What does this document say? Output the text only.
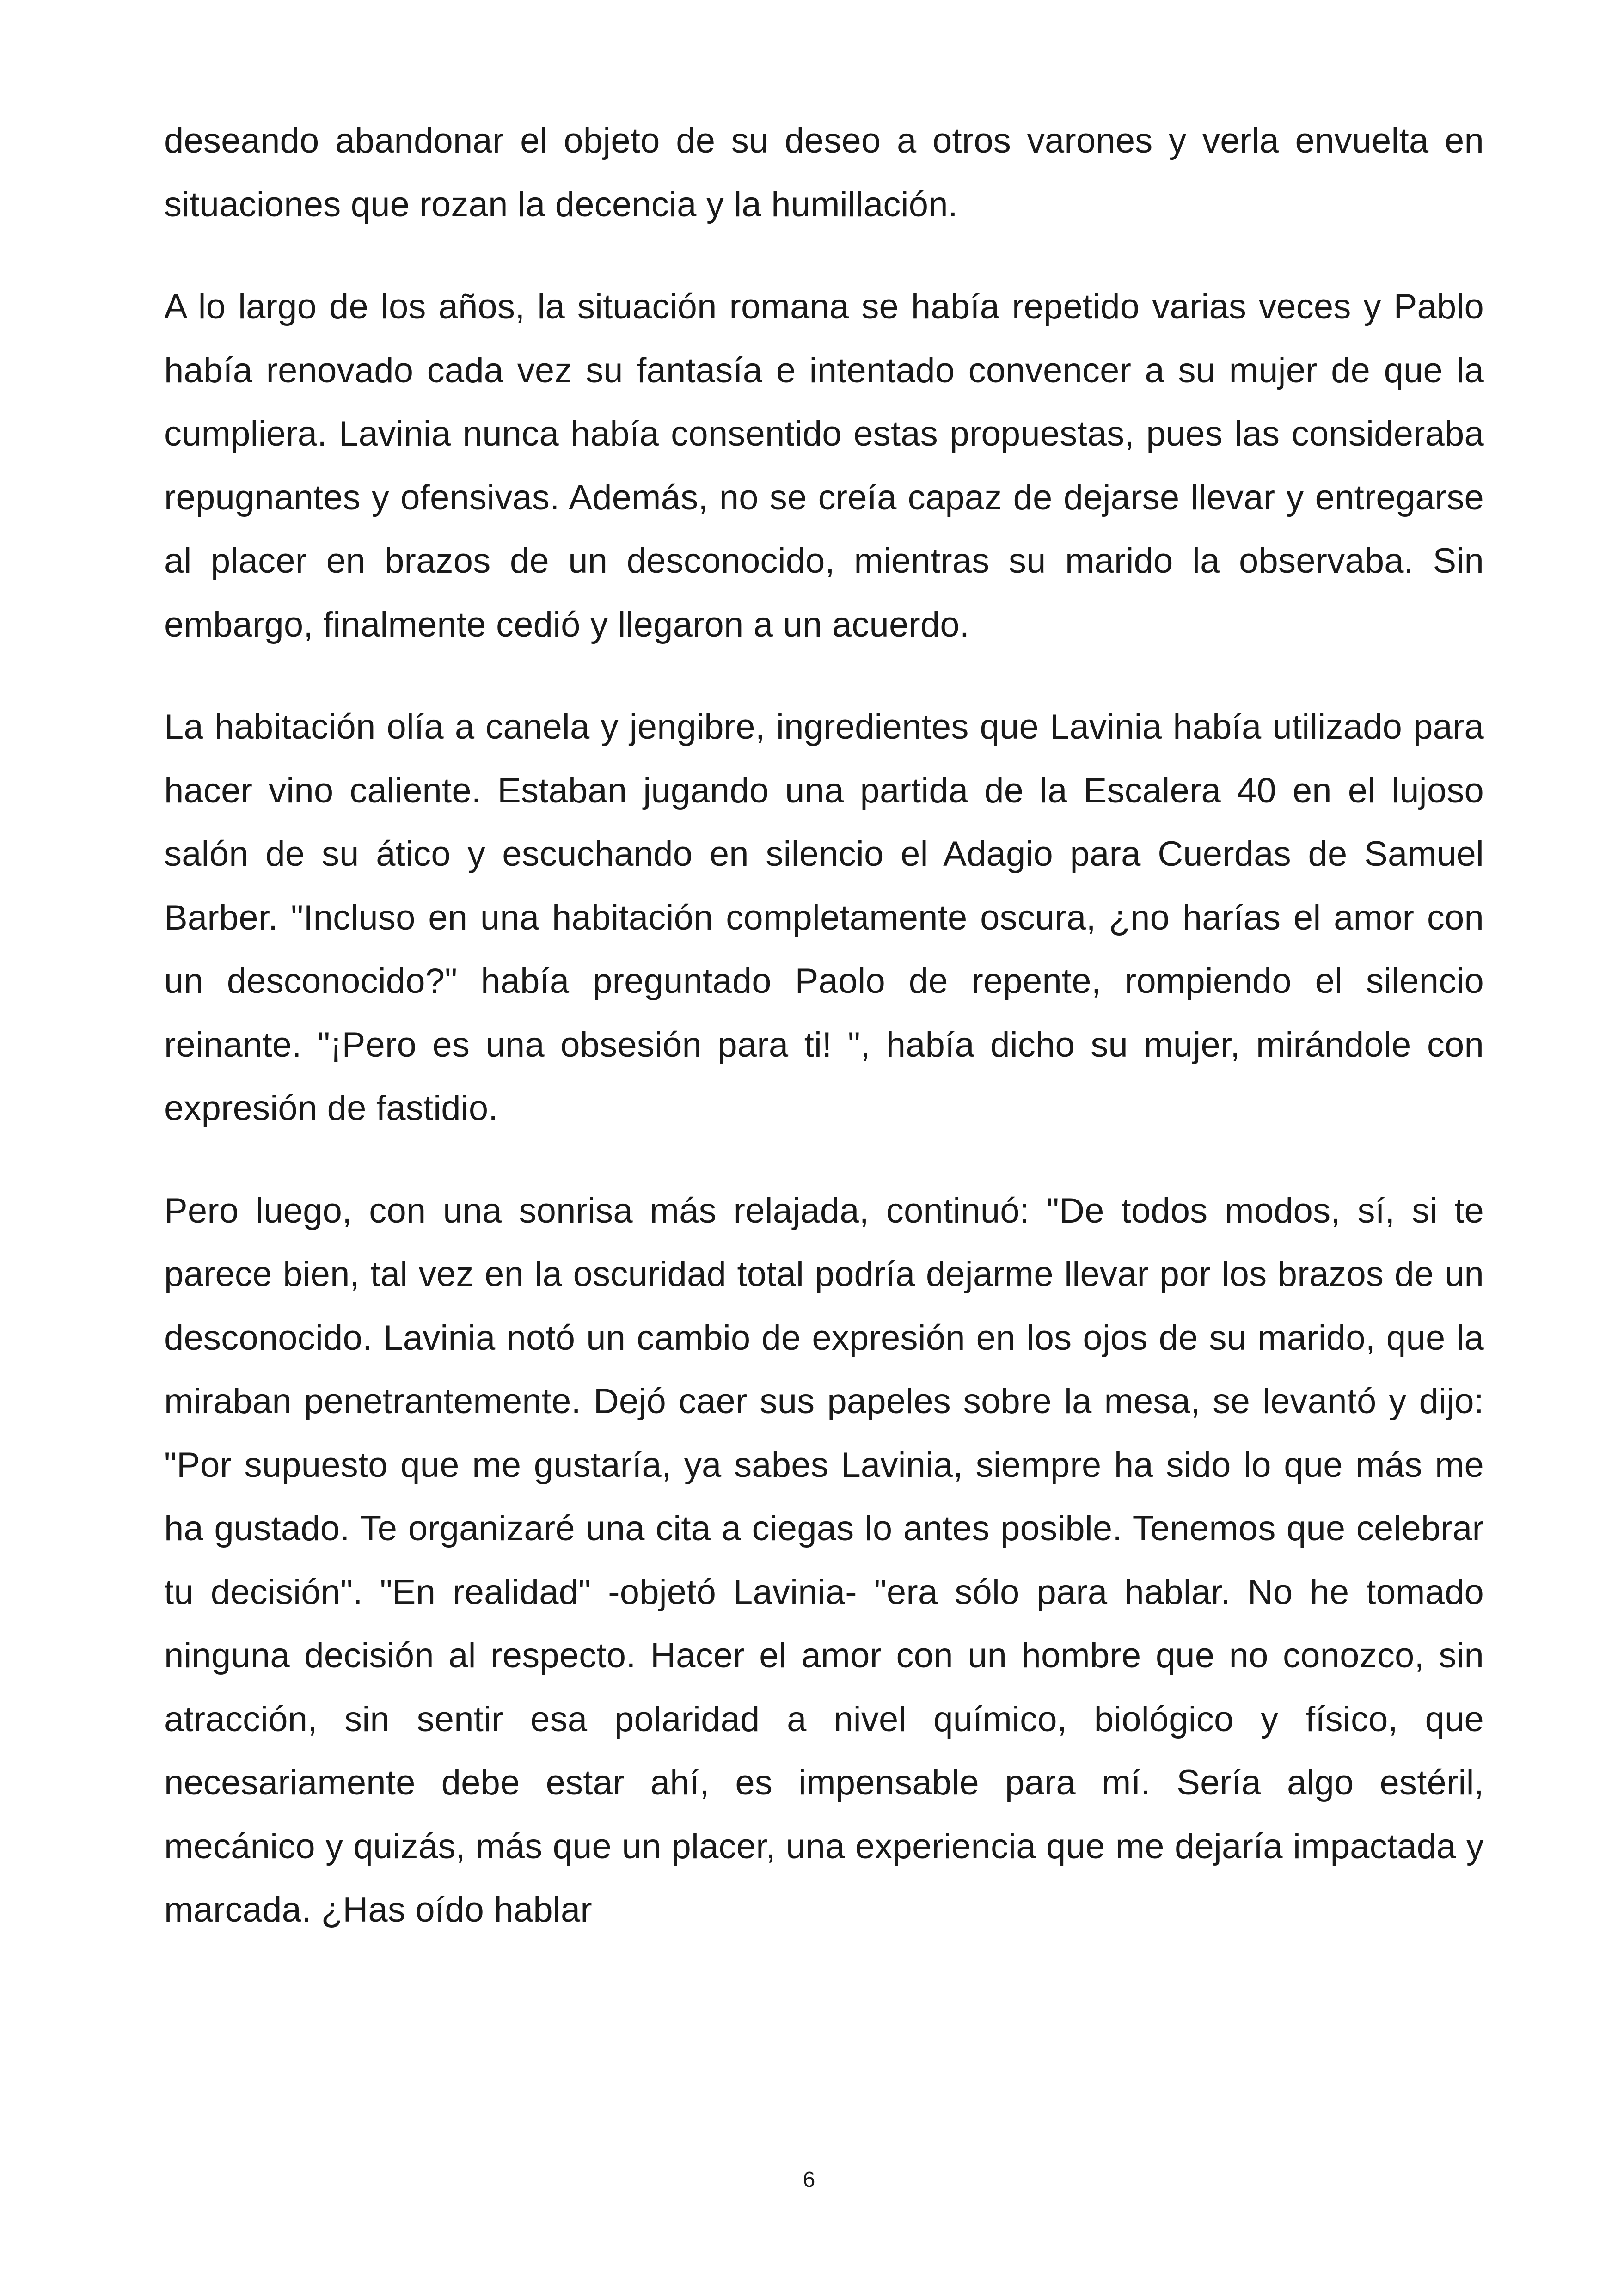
deseando abandonar el objeto de su deseo a otros varones y verla envuelta en situaciones que rozan la decencia y la humillación.

A lo largo de los años, la situación romana se había repetido varias veces y Pablo había renovado cada vez su fantasía e intentado convencer a su mujer de que la cumpliera. Lavinia nunca había consentido estas propuestas, pues las consideraba repugnantes y ofensivas. Además, no se creía capaz de dejarse llevar y entregarse al placer en brazos de un desconocido, mientras su marido la observaba. Sin embargo, finalmente cedió y llegaron a un acuerdo.

La habitación olía a canela y jengibre, ingredientes que Lavinia había utilizado para hacer vino caliente. Estaban jugando una partida de la Escalera 40 en el lujoso salón de su ático y escuchando en silencio el Adagio para Cuerdas de Samuel Barber. "Incluso en una habitación completamente oscura, ¿no harías el amor con un desconocido?" había preguntado Paolo de repente, rompiendo el silencio reinante. "¡Pero es una obsesión para ti! ", había dicho su mujer, mirándole con expresión de fastidio.

Pero luego, con una sonrisa más relajada, continuó: "De todos modos, sí, si te parece bien, tal vez en la oscuridad total podría dejarme llevar por los brazos de un desconocido. Lavinia notó un cambio de expresión en los ojos de su marido, que la miraban penetrantemente. Dejó caer sus papeles sobre la mesa, se levantó y dijo: "Por supuesto que me gustaría, ya sabes Lavinia, siempre ha sido lo que más me ha gustado. Te organizaré una cita a ciegas lo antes posible. Tenemos que celebrar tu decisión". "En realidad" -objetó Lavinia- "era sólo para hablar. No he tomado ninguna decisión al respecto. Hacer el amor con un hombre que no conozco, sin atracción, sin sentir esa polaridad a nivel químico, biológico y físico, que necesariamente debe estar ahí, es impensable para mí. Sería algo estéril, mecánico y quizás, más que un placer, una experiencia que me dejaría impactada y marcada. ¿Has oído hablar

6
